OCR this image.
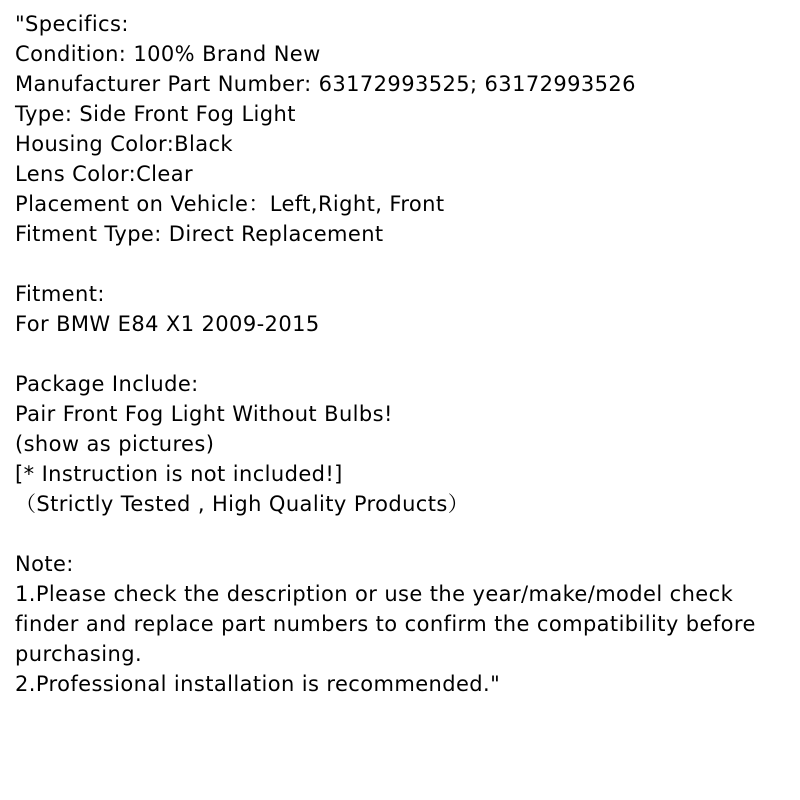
"Specifics:
Condition: 100% Brand New
Manufacturer Part Number: 63172993525; 63172993526
Type: Side Front Fog Light
Housing Color:Black
Lens Color:Clear
Placement on Vehicle：Left,Right, Front
Fitment Type: Direct Replacement
Fitment:
For BMW E84 X1 2009-2015
Package Include:
Pair Front Fog Light Without Bulbs!
(show as pictures)
[* Instruction is not included!]
（Strictly Tested , High Quality Products）
Note:
1.Please check the description or use the year/make/model check
finder and replace part numbers to confirm the compatibility before
purchasing.
2.Professional installation is recommended."
